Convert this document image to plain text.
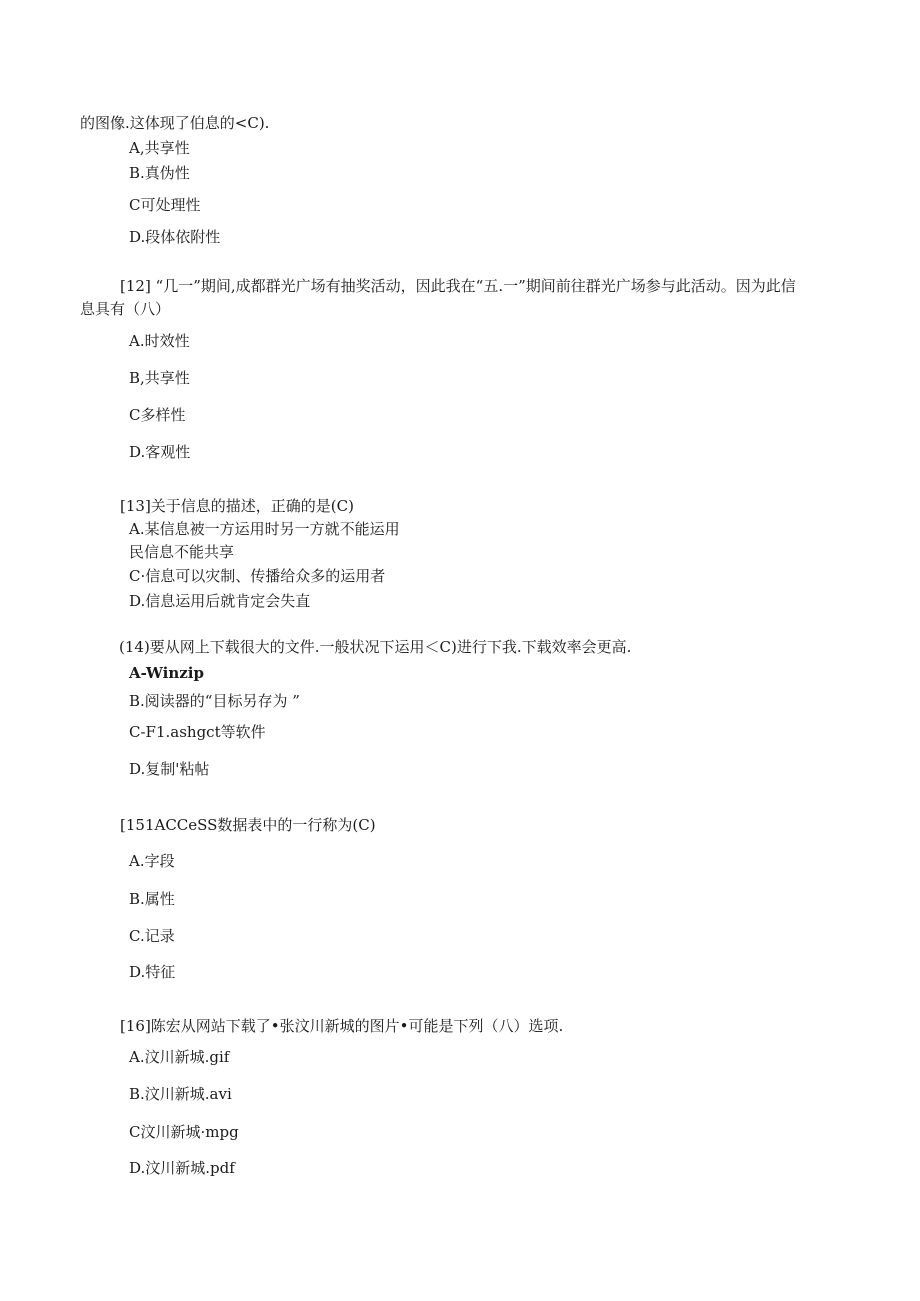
的图像.这体现了伯息的<C).
A,共享性
B.真伪性
C可处理性
D.段体依附性
[12] “几一”期间,成都群光广场有抽奖活动，因此我在“五.一”期间前往群光广场参与此活动。因为此信
息具有（八）
A.时效性
B,共享性
C多样性
D.客观性
[13]关于信息的描述，正确的是(C)
A.某信息被一方运用时另一方就不能运用
民信息不能共享
C·信息可以灾制、传播给众多的运用者
D.信息运用后就肯定会失直
(14)要从网上下载很大的文件.一般状况下运用＜C)进行下我.下载效率会更高.
A-Winzip
B.阅读器的“目标另存为 ”
C-F1.ashgct等软件
D.复制'粘帖
[151ACCeSS数据表中的一行称为(C)
A.字段
B.属性
C.记录
D.特征
[16]陈宏从网站下载了•张汶川新城的图片•可能是下列（八）选项.
A.汶川新城.gif
B.汶川新城.avi
C汶川新城·mpg
D.汶川新城.pdf
